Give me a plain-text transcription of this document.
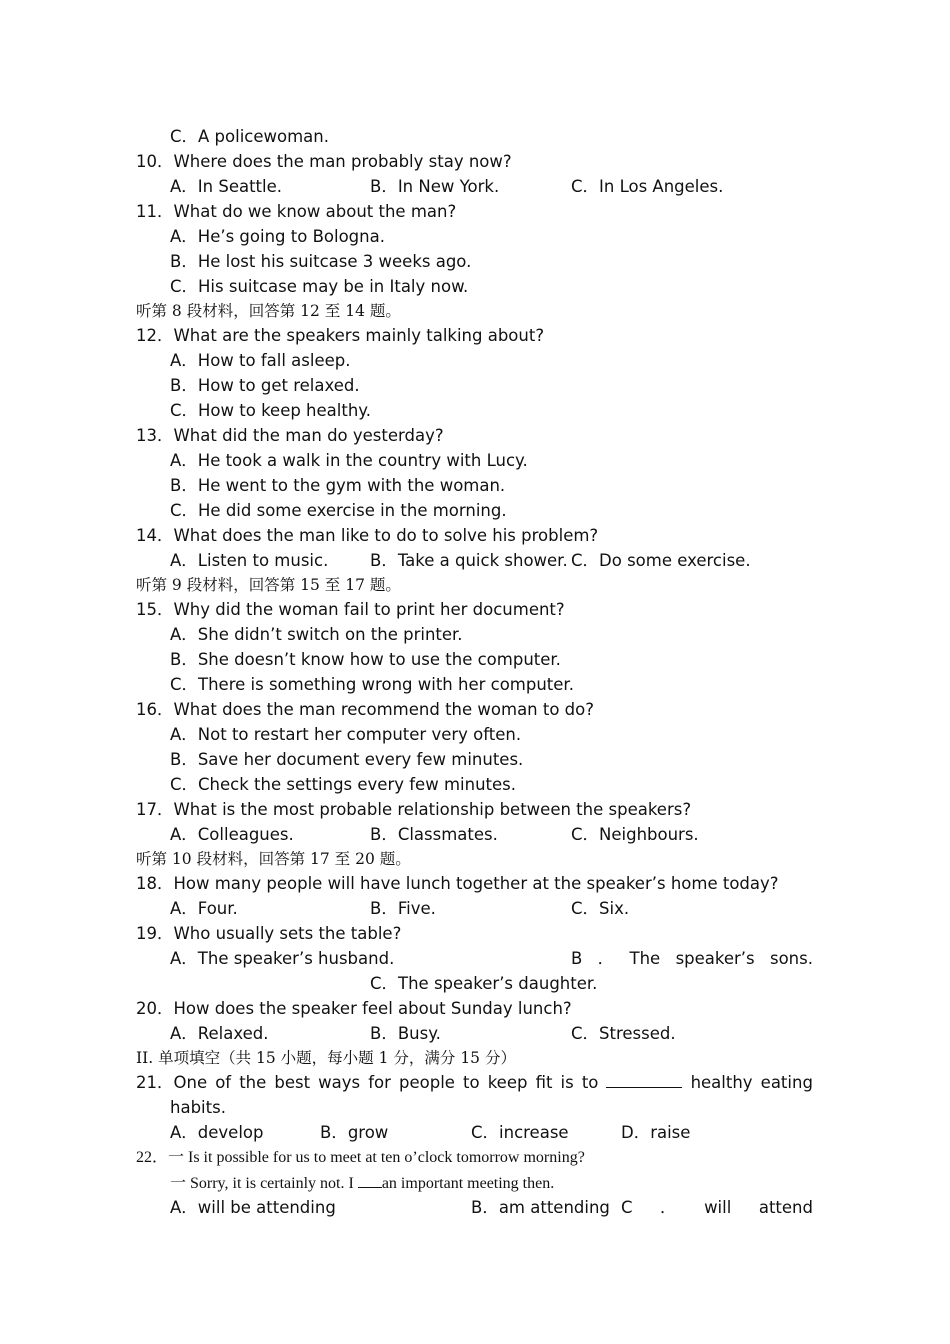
C．A policewoman.
10．Where does the man probably stay now?
A．In Seattle.	B．In New York.	C．In Los Angeles.
11．What do we know about the man?
A．He’s going to Bologna.
B．He lost his suitcase 3 weeks ago.
C．His suitcase may be in Italy now.
听第 8 段材料，回答第 12 至 14 题。
12．What are the speakers mainly talking about?
A．How to fall asleep.
B．How to get relaxed.
C．How to keep healthy.
13．What did the man do yesterday?
A．He took a walk in the country with Lucy.
B．He went to the gym with the woman.
C．He did some exercise in the morning.
14．What does the man like to do to solve his problem?
A．Listen to music.	B．Take a quick shower. C．Do some exercise.
听第 9 段材料，回答第 15 至 17 题。
15．Why did the woman fail to print her document?
A．She didn’t switch on the printer.
B．She doesn’t know how to use the computer.
C．There is something wrong with her computer.
16．What does the man recommend the woman to do?
A．Not to restart her computer very often.
B．Save her document every few minutes.
C．Check the settings every few minutes.
17．What is the most probable relationship between the speakers?
A．Colleagues.	B．Classmates.	C．Neighbours.
听第 10 段材料，回答第 17 至 20 题。
18．How many people will have lunch together at the speaker’s home today?
A．Four.	B．Five.	C．Six.
19．Who usually sets the table?
A．The speaker’s husband.	B ． The speaker’s sons.
C．The speaker’s daughter.
20．How does the speaker feel about Sunday lunch?
A．Relaxed.	B．Busy.	C．Stressed.
II. 单项填空（共 15 小题，每小题 1 分，满分 15 分）
21．One of the best ways for people to keep fit is to	healthy eating
habits.
A．develop	B．grow	C．increase	D．raise
22．一 Is it possible for us to meet at ten o’clock tomorrow morning?
一 Sorry, it is certainly not. I an important meeting then.
A．will be attending	B．am attending C ． will attend
